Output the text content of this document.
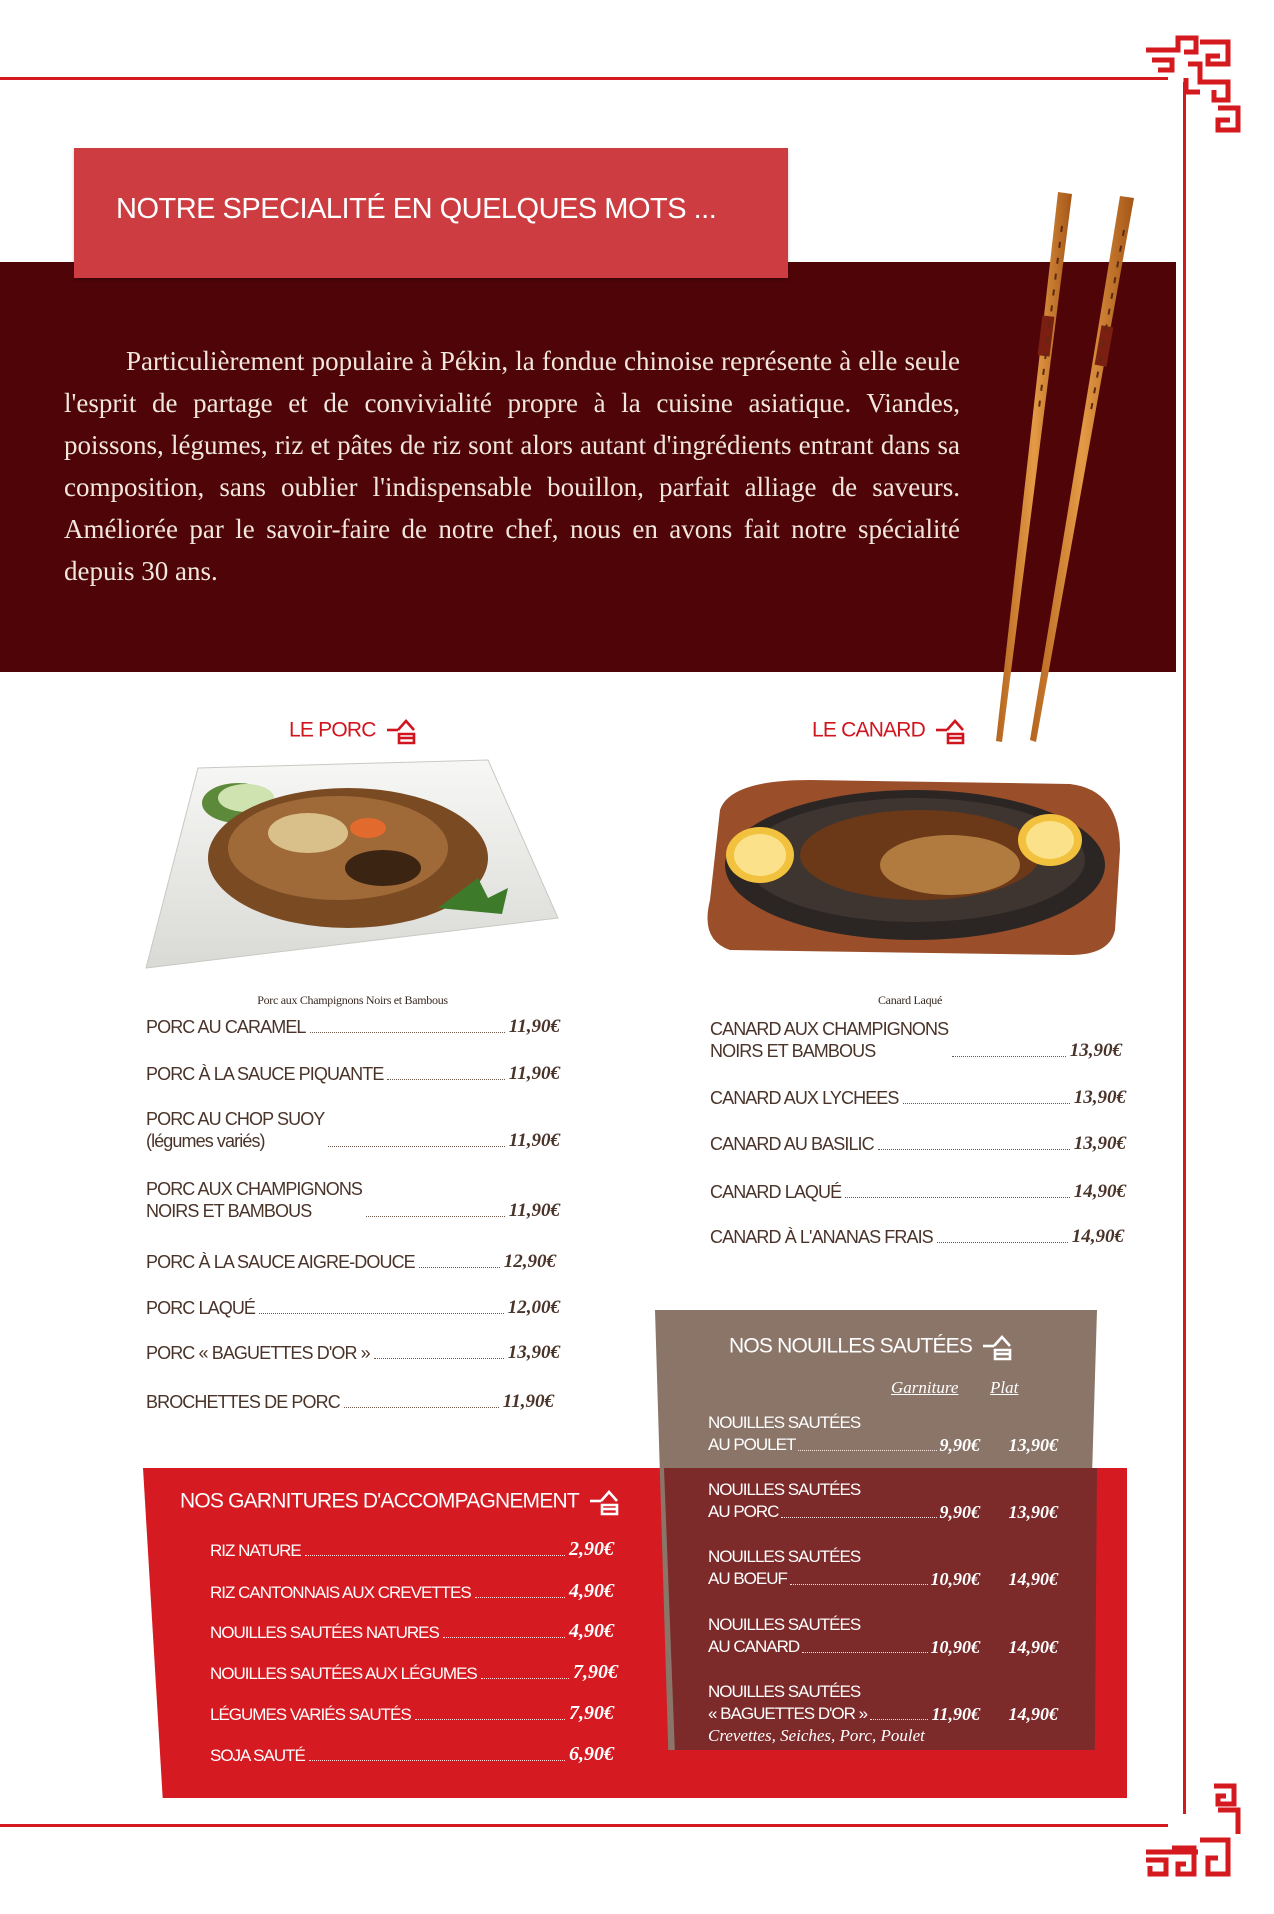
Particulièrement populaire à Pékin, la fondue chinoise représente à elle seule l'esprit de partage et de convivialité propre à la cuisine asiatique. Viandes, poissons, légumes, riz et pâtes de riz sont alors autant d'ingrédients entrant dans sa composition, sans oublier l'indispensable bouillon, parfait alliage de saveurs. Améliorée par le savoir-faire de notre chef, nous en avons fait notre spécialité depuis 30 ans.

NOTRE SPECIALITÉ EN QUELQUES MOTS ...
LE PORC
Porc aux Champignons Noirs et Bambous
PORC AU CARAMEL	11,90€
PORC À LA SAUCE PIQUANTE	11,90€
PORC AU CHOP SUOY
(légumes variés)	11,90€
PORC AUX CHAMPIGNONS
NOIRS ET BAMBOUS	11,90€
PORC À LA SAUCE AIGRE-DOUCE	12,90€
PORC LAQUÉ	12,00€
PORC « BAGUETTES D'OR »	13,90€
BROCHETTES DE PORC	11,90€
LE CANARD
Canard Laqué
CANARD AUX CHAMPIGNONS
NOIRS ET BAMBOUS	13,90€
CANARD AUX LYCHEES	13,90€
CANARD AU BASILIC	13,90€
CANARD LAQUÉ	14,90€
CANARD À L'ANANAS FRAIS	14,90€
NOS GARNITURES D'ACCOMPAGNEMENT
RIZ NATURE	2,90€
RIZ CANTONNAIS AUX CREVETTES	4,90€
NOUILLES SAUTÉES NATURES	4,90€
NOUILLES SAUTÉES AUX LÉGUMES	7,90€
LÉGUMES VARIÉS SAUTÉS	7,90€
SOJA SAUTÉ	6,90€
NOS NOUILLES SAUTÉES
Garniture Plat
NOUILLES SAUTÉES
AU POULET	9,90€	13,90€
NOUILLES SAUTÉES
AU PORC	9,90€	13,90€
NOUILLES SAUTÉES
AU BOEUF	10,90€	14,90€
NOUILLES SAUTÉES
AU CANARD	10,90€	14,90€
NOUILLES SAUTÉES
« BAGUETTES D'OR »	11,90€	14,90€
Crevettes, Seiches, Porc, Poulet
